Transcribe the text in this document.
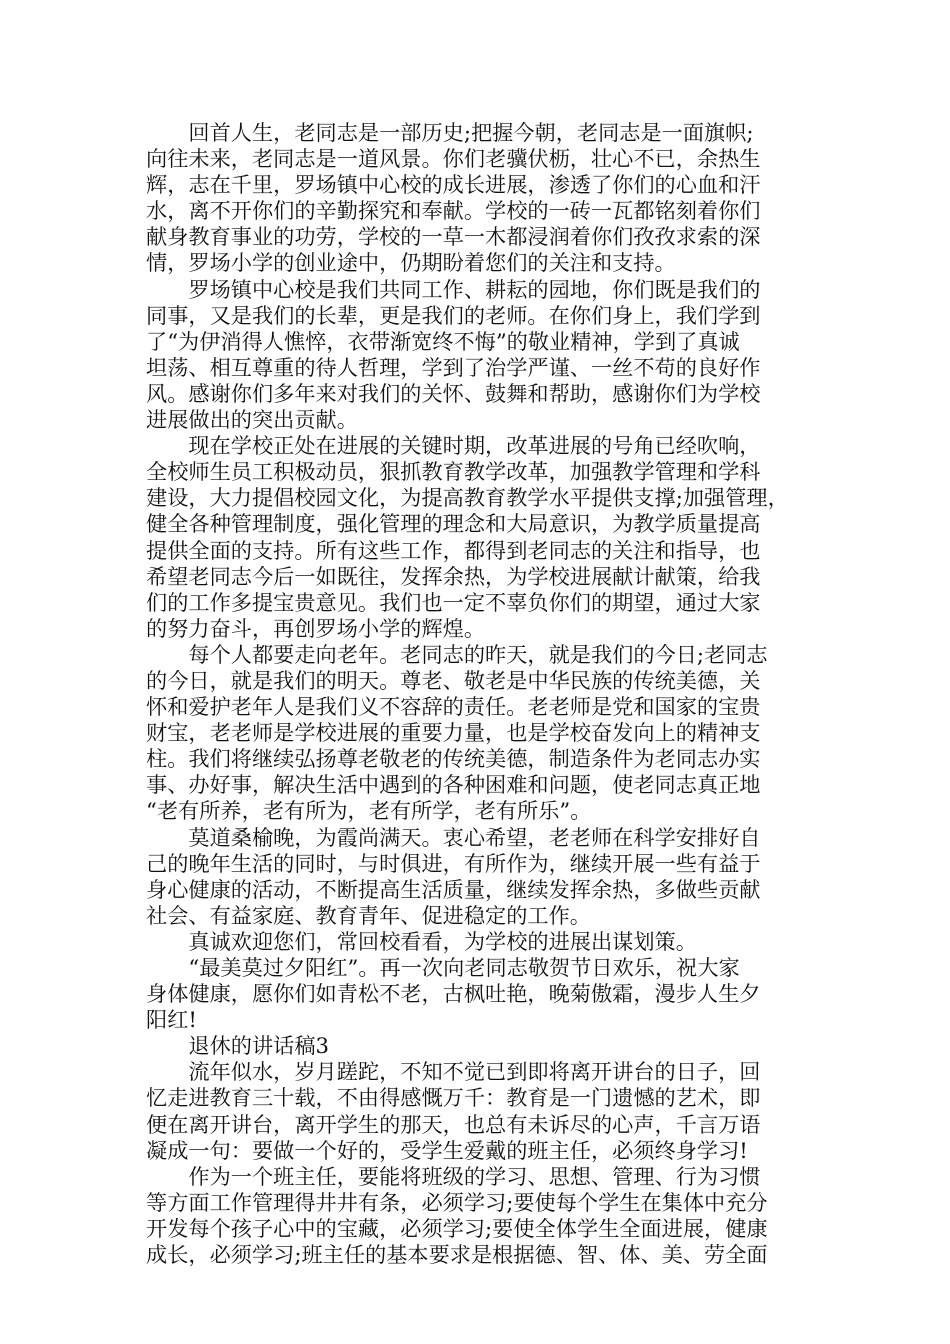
回首人生，老同志是一部历史;把握今朝，老同志是一面旗帜;
向往未来，老同志是一道风景。你们老骥伏枥，壮心不已，余热生
辉，志在千里，罗场镇中心校的成长进展，渗透了你们的心血和汗
水，离不开你们的辛勤探究和奉献。学校的一砖一瓦都铭刻着你们
献身教育事业的功劳，学校的一草一木都浸润着你们孜孜求索的深
情，罗场小学的创业途中，仍期盼着您们的关注和支持。

罗场镇中心校是我们共同工作、耕耘的园地，你们既是我们的
同事，又是我们的长辈，更是我们的老师。在你们身上，我们学到
了“为伊消得人憔悴，衣带渐宽终不悔”的敬业精神，学到了真诚
坦荡、相互尊重的待人哲理，学到了治学严谨、一丝不苟的良好作
风。感谢你们多年来对我们的关怀、鼓舞和帮助，感谢你们为学校
进展做出的突出贡献。

现在学校正处在进展的关键时期，改革进展的号角已经吹响，
全校师生员工积极动员，狠抓教育教学改革，加强教学管理和学科
建设，大力提倡校园文化，为提高教育教学水平提供支撑;加强管理，
健全各种管理制度，强化管理的理念和大局意识，为教学质量提高
提供全面的支持。所有这些工作，都得到老同志的关注和指导，也
希望老同志今后一如既往，发挥余热，为学校进展献计献策，给我
们的工作多提宝贵意见。我们也一定不辜负你们的期望，通过大家
的努力奋斗，再创罗场小学的辉煌。

每个人都要走向老年。老同志的昨天，就是我们的今日;老同志
的今日，就是我们的明天。尊老、敬老是中华民族的传统美德，关
怀和爱护老年人是我们义不容辞的责任。老老师是党和国家的宝贵
财宝，老老师是学校进展的重要力量，也是学校奋发向上的精神支
柱。我们将继续弘扬尊老敬老的传统美德，制造条件为老同志办实
事、办好事，解决生活中遇到的各种困难和问题，使老同志真正地
“老有所养，老有所为，老有所学，老有所乐”。

莫道桑榆晚，为霞尚满天。衷心希望，老老师在科学安排好自
己的晚年生活的同时，与时俱进，有所作为，继续开展一些有益于
身心健康的活动，不断提高生活质量，继续发挥余热，多做些贡献
社会、有益家庭、教育青年、促进稳定的工作。

真诚欢迎您们，常回校看看，为学校的进展出谋划策。

“最美莫过夕阳红”。再一次向老同志敬贺节日欢乐，祝大家
身体健康，愿你们如青松不老，古枫吐艳，晚菊傲霜，漫步人生夕
阳红!

退休的讲话稿3

流年似水，岁月蹉跎，不知不觉已到即将离开讲台的日子，回
忆走进教育三十载，不由得感慨万千：教育是一门遗憾的艺术，即
便在离开讲台，离开学生的那天，也总有未诉尽的心声，千言万语
凝成一句：要做一个好的，受学生爱戴的班主任，必须终身学习!

作为一个班主任，要能将班级的学习、思想、管理、行为习惯
等方面工作管理得井井有条，必须学习;要使每个学生在集体中充分
开发每个孩子心中的宝藏，必须学习;要使全体学生全面进展，健康
成长，必须学习;班主任的基本要求是根据德、智、体、美、劳全面
